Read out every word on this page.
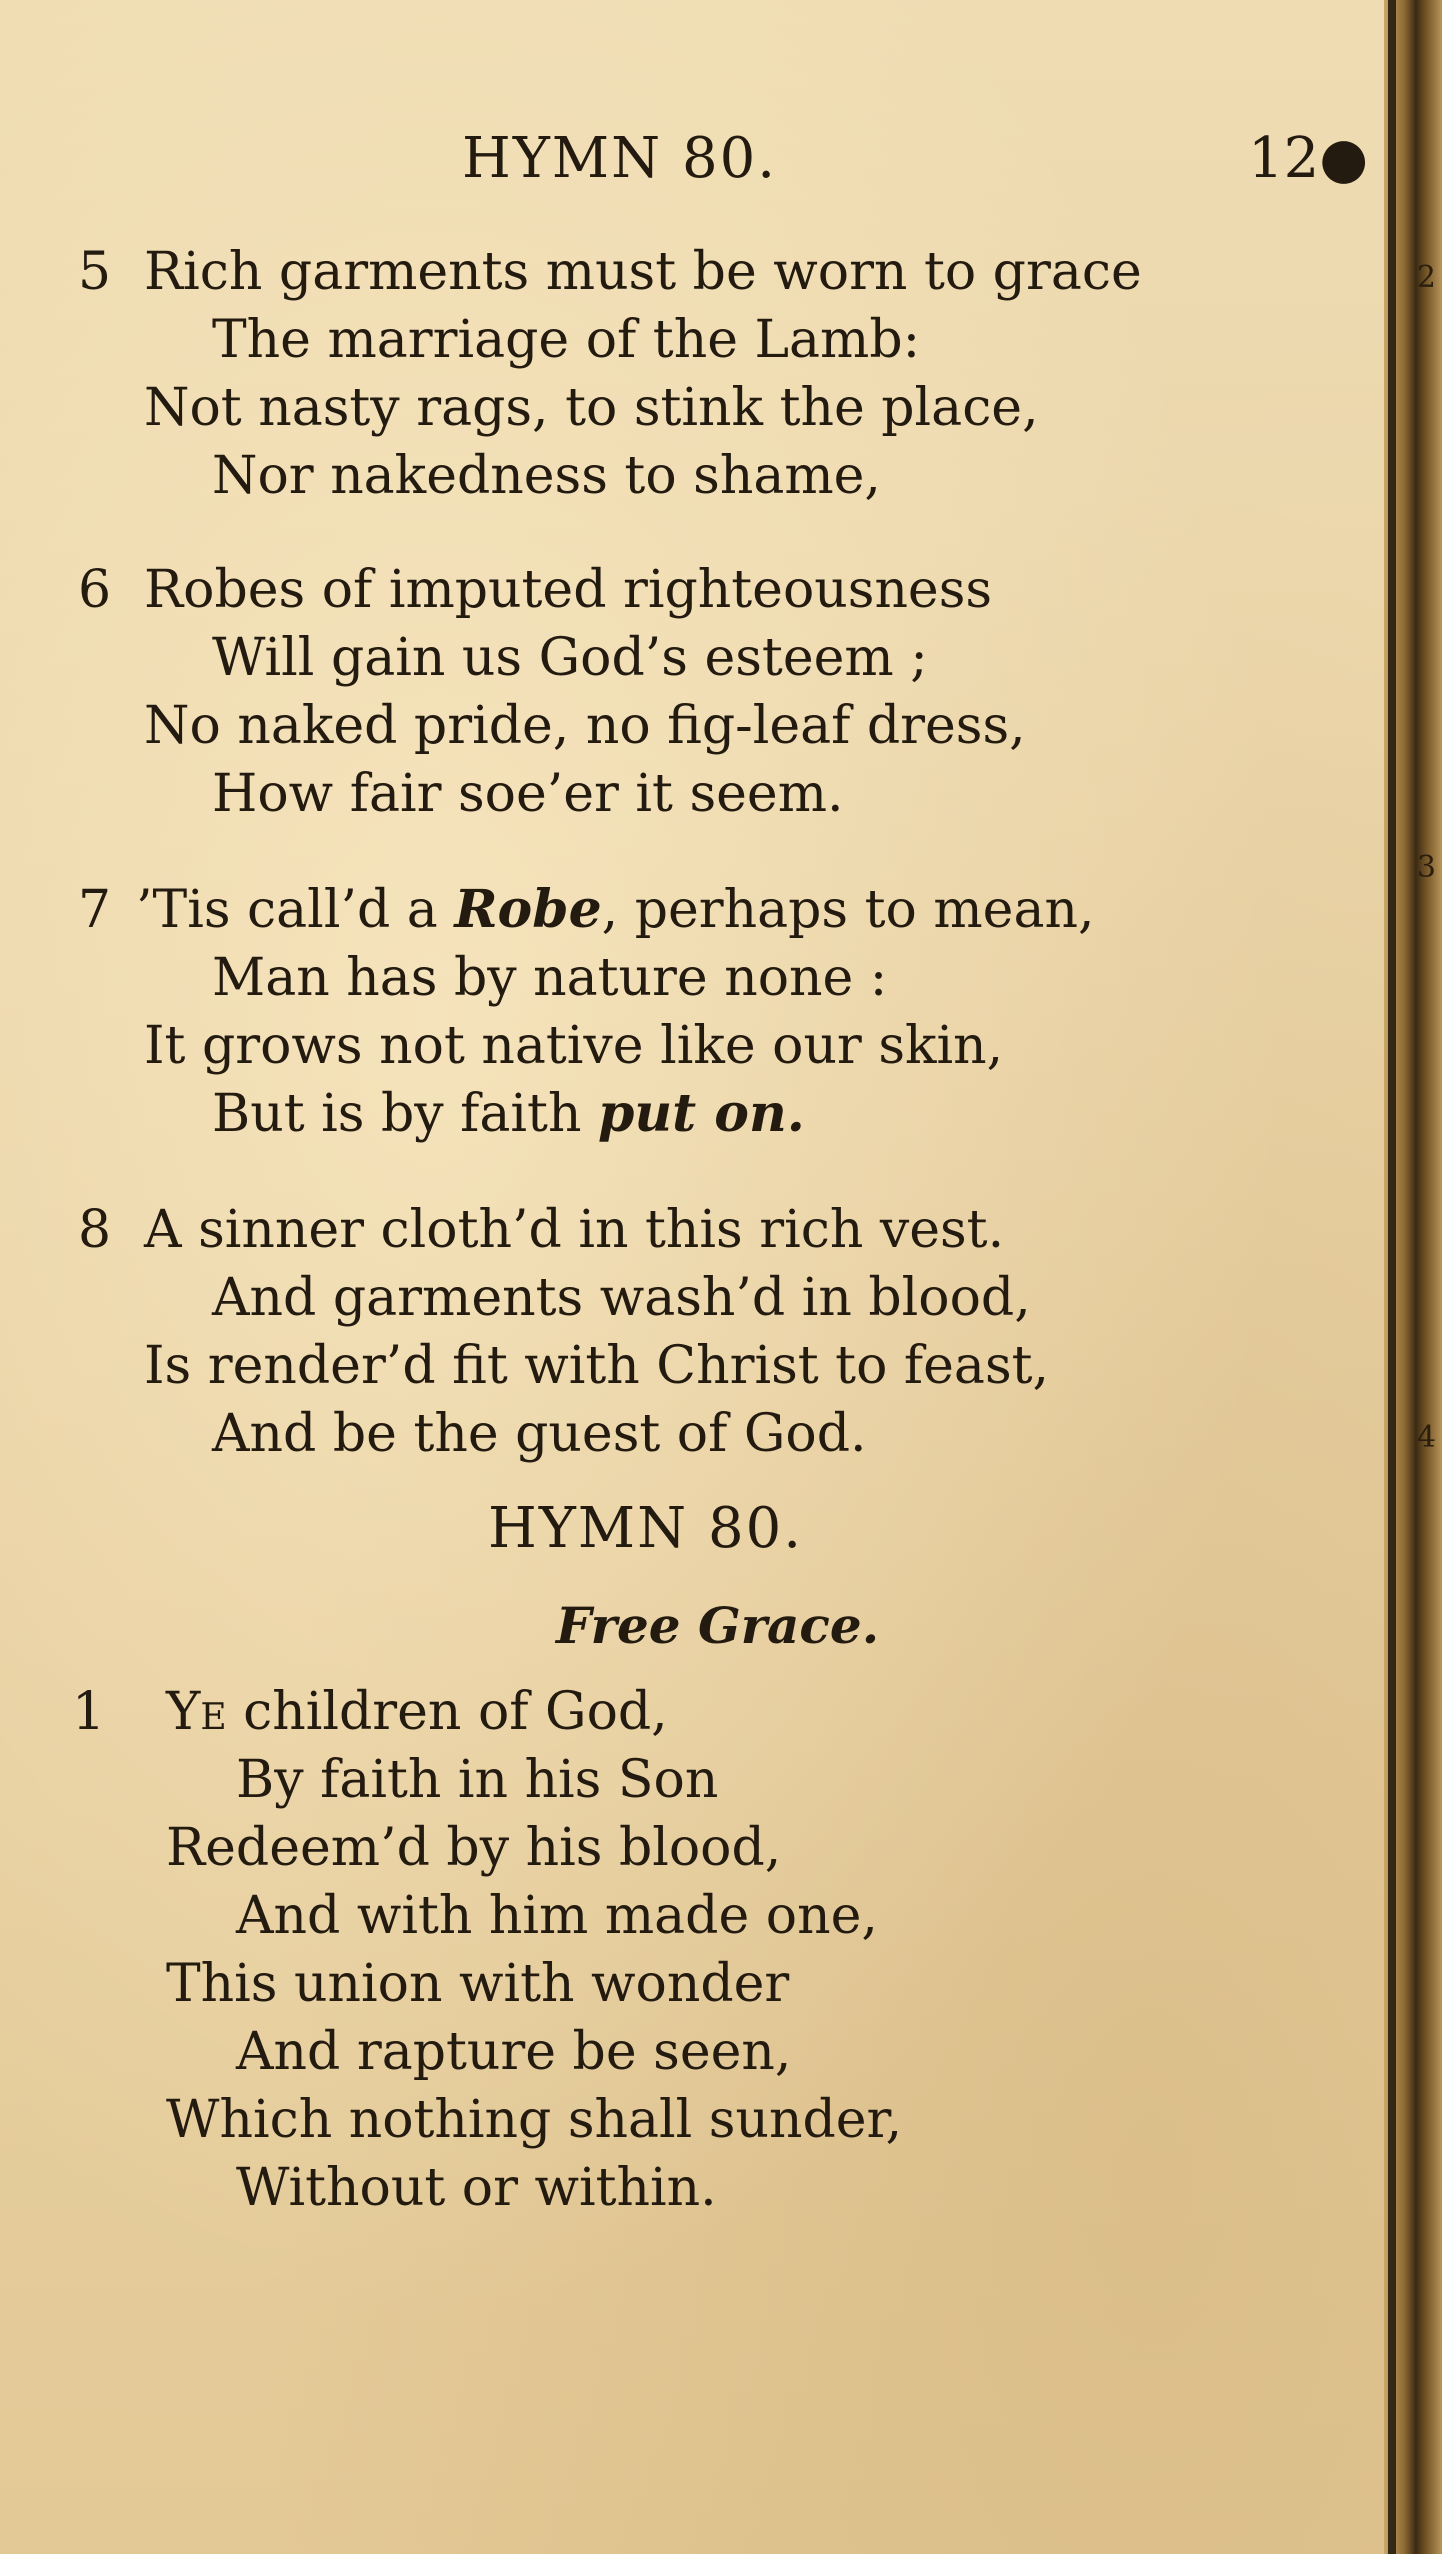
HYMN 80.	12●
5 Rich garments must be worn to grace
The marriage of the Lamb:
Not nasty rags, to stink the place,
Nor nakedness to shame,
6 Robes of imputed righteousness
Will gain us God’s esteem ;
No naked pride, no fig-leaf dress,
How fair soe’er it seem.
7 ’Tis call’d a Robe, perhaps to mean,
Man has by nature none :
It grows not native like our skin,
But is by faith put on.
8 A sinner cloth’d in this rich vest.
And garments wash’d in blood,
Is render’d fit with Christ to feast,
And be the guest of God.
HYMN 80.
Free Grace.
1 Ye children of God,
By faith in his Son
Redeem’d by his blood,
And with him made one,
This union with wonder
And rapture be seen,
Which nothing shall sunder,
Without or within.
2
3
4
